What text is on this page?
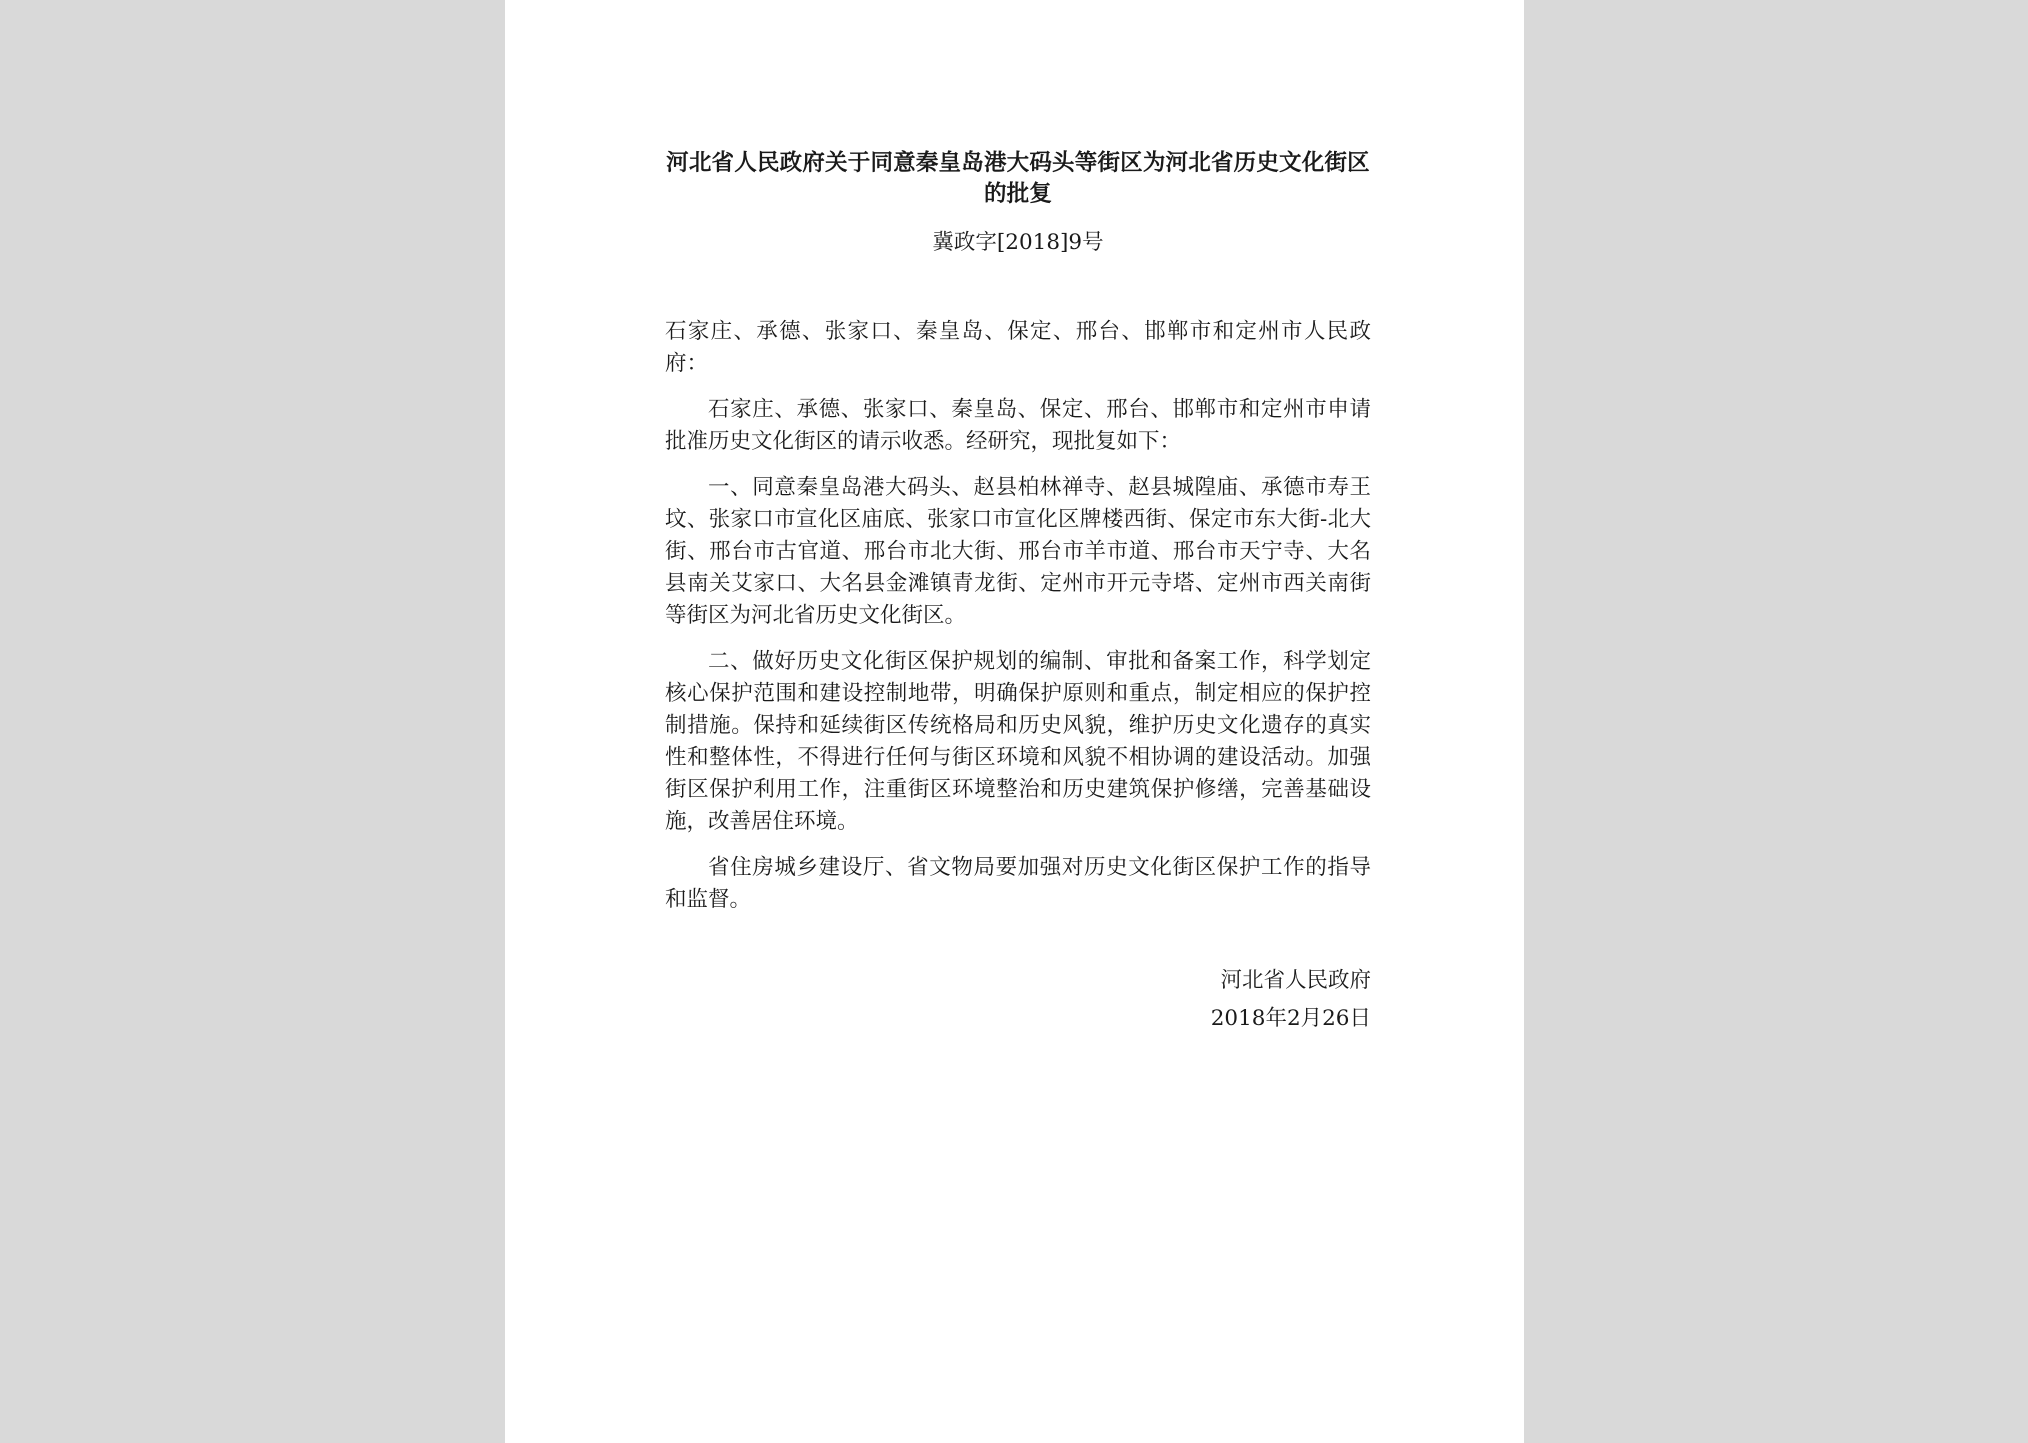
河北省人民政府关于同意秦皇岛港大码头等街区为河北省历史文化街区的批复

冀政字[2018]9号

石家庄、承德、张家口、秦皇岛、保定、邢台、邯郸市和定州市人民政府：

石家庄、承德、张家口、秦皇岛、保定、邢台、邯郸市和定州市申请批准历史文化街区的请示收悉。经研究，现批复如下：

一、同意秦皇岛港大码头、赵县柏林禅寺、赵县城隍庙、承德市寿王坟、张家口市宣化区庙底、张家口市宣化区牌楼西街、保定市东大街-北大街、邢台市古官道、邢台市北大街、邢台市羊市道、邢台市天宁寺、大名县南关艾家口、大名县金滩镇青龙街、定州市开元寺塔、定州市西关南街等街区为河北省历史文化街区。

二、做好历史文化街区保护规划的编制、审批和备案工作，科学划定核心保护范围和建设控制地带，明确保护原则和重点，制定相应的保护控制措施。保持和延续街区传统格局和历史风貌，维护历史文化遗存的真实性和整体性，不得进行任何与街区环境和风貌不相协调的建设活动。加强街区保护利用工作，注重街区环境整治和历史建筑保护修缮，完善基础设施，改善居住环境。

省住房城乡建设厅、省文物局要加强对历史文化街区保护工作的指导和监督。

河北省人民政府
2018年2月26日
